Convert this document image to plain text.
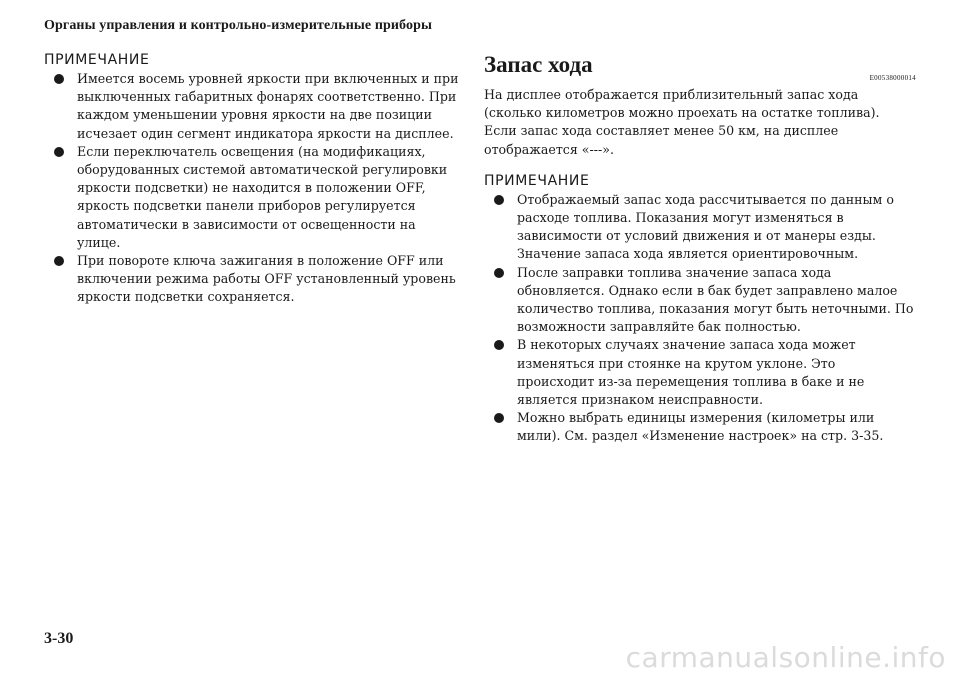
Органы управления и контрольно-измерительные приборы
ПРИМЕЧАНИЕ
Имеется восемь уровней яркости при включенных и при выключенных габаритных фонарях соответственно. При каждом уменьшении уровня яркости на две позиции исчезает один сегмент индикатора яркости на дисплее.
Если переключатель освещения (на модификациях, оборудованных системой автоматической регулировки яркости подсветки) не находится в положении OFF, яркость подсветки панели приборов регулируется автоматически в зависимости от освещенности на улице.
При повороте ключа зажигания в положение OFF или включении режима работы OFF установленный уровень яркости подсветки сохраняется.
Запас хода
E00538000014

На дисплее отображается приблизительный запас хода (сколько километров можно проехать на остатке топлива). Если запас хода составляет менее 50 км, на дисплее отображается «---».

ПРИМЕЧАНИЕ
Отображаемый запас хода рассчитывается по данным о расходе топлива. Показания могут изменяться в зависимости от условий движения и от манеры езды. Значение запаса хода является ориентировочным.
После заправки топлива значение запаса хода обновляется. Однако если в бак будет заправлено малое количество топлива, показания могут быть неточными. По возможности заправляйте бак полностью.
В некоторых случаях значение запаса хода может изменяться при стоянке на крутом уклоне. Это происходит из-за перемещения топлива в баке и не является признаком неисправности.
Можно выбрать единицы измерения (километры или мили). См. раздел «Изменение настроек» на стр. 3-35.
3-30
carmanualsonline.info
